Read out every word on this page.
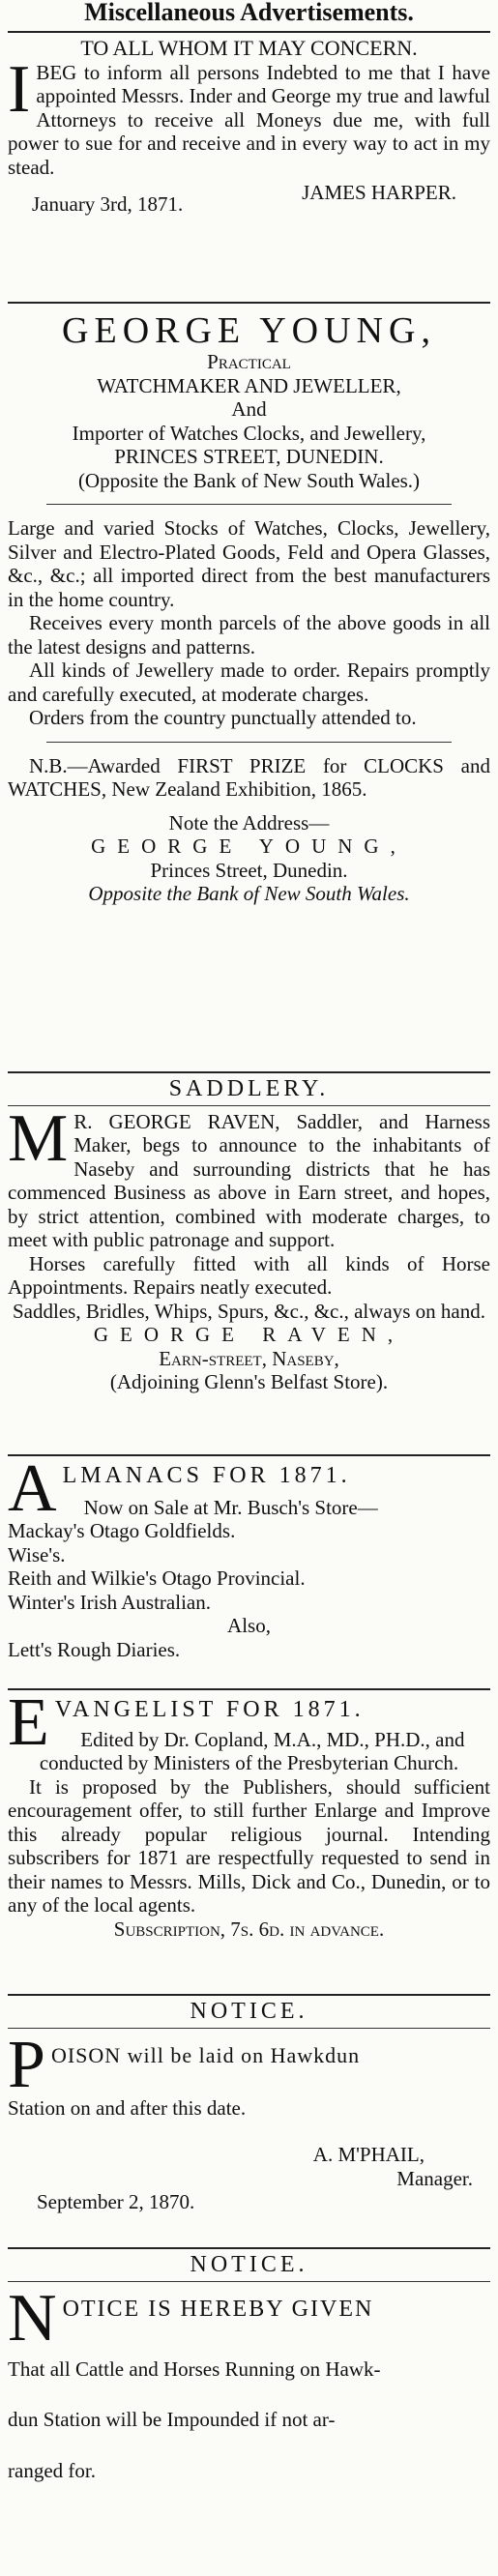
Miscellaneous Advertisements.

TO ALL WHOM IT MAY CONCERN.

I BEG to inform all persons Indebted to me that I have appointed Messrs. Inder and George my true and lawful Attorneys to receive all Moneys due me, with full power to sue for and receive and in every way to act in my stead.

January 3rd, 1871.	JAMES HARPER.

GEORGE YOUNG,

Practical

WATCHMAKER AND JEWELLER,

And

Importer of Watches Clocks, and Jewellery,

PRINCES STREET, DUNEDIN.

(Opposite the Bank of New South Wales.)

Large and varied Stocks of Watches, Clocks, Jewellery, Silver and Electro-Plated Goods, Feld and Opera Glasses, &c., &c.; all imported direct from the best manufacturers in the home country.

Receives every month parcels of the above goods in all the latest designs and patterns.

All kinds of Jewellery made to order. Repairs promptly and carefully executed, at moderate charges.

Orders from the country punctually attended to.

N.B.—Awarded FIRST PRIZE for CLOCKS and WATCHES, New Zealand Exhibition, 1865.

Note the Address—

GEORGE YOUNG,

Princes Street, Dunedin.

Opposite the Bank of New South Wales.

SADDLERY.

M R. GEORGE RAVEN, Saddler, and Harness Maker, begs to announce to the inhabitants of Naseby and surrounding districts that he has commenced Business as above in Earn street, and hopes, by strict attention, combined with moderate charges, to meet with public patronage and support.

Horses carefully fitted with all kinds of Horse Appointments. Repairs neatly executed.

Saddles, Bridles, Whips, Spurs, &c., &c., always on hand.

GEORGE RAVEN,

Earn-street, Naseby,

(Adjoining Glenn's Belfast Store).

A LMANACS FOR 1871.

Now on Sale at Mr. Busch's Store—

Mackay's Otago Goldfields.

Wise's.

Reith and Wilkie's Otago Provincial.

Winter's Irish Australian.

Also,

Lett's Rough Diaries.

E VANGELIST FOR 1871.

Edited by Dr. Copland, M.A., MD., PH.D., and conducted by Ministers of the Presbyterian Church.

It is proposed by the Publishers, should sufficient encouragement offer, to still further Enlarge and Improve this already popular religious journal. Intending subscribers for 1871 are respectfully requested to send in their names to Messrs. Mills, Dick and Co., Dunedin, or to any of the local agents.

Subscription, 7s. 6d. in advance.

NOTICE.

P OISON will be laid on Hawkdun

Station on and after this date.

A. M'PHAIL,

Manager.

September 2, 1870.

NOTICE.

N OTICE IS HEREBY GIVEN

That all Cattle and Horses Running on Hawk-

dun Station will be Impounded if not ar-

ranged for.
